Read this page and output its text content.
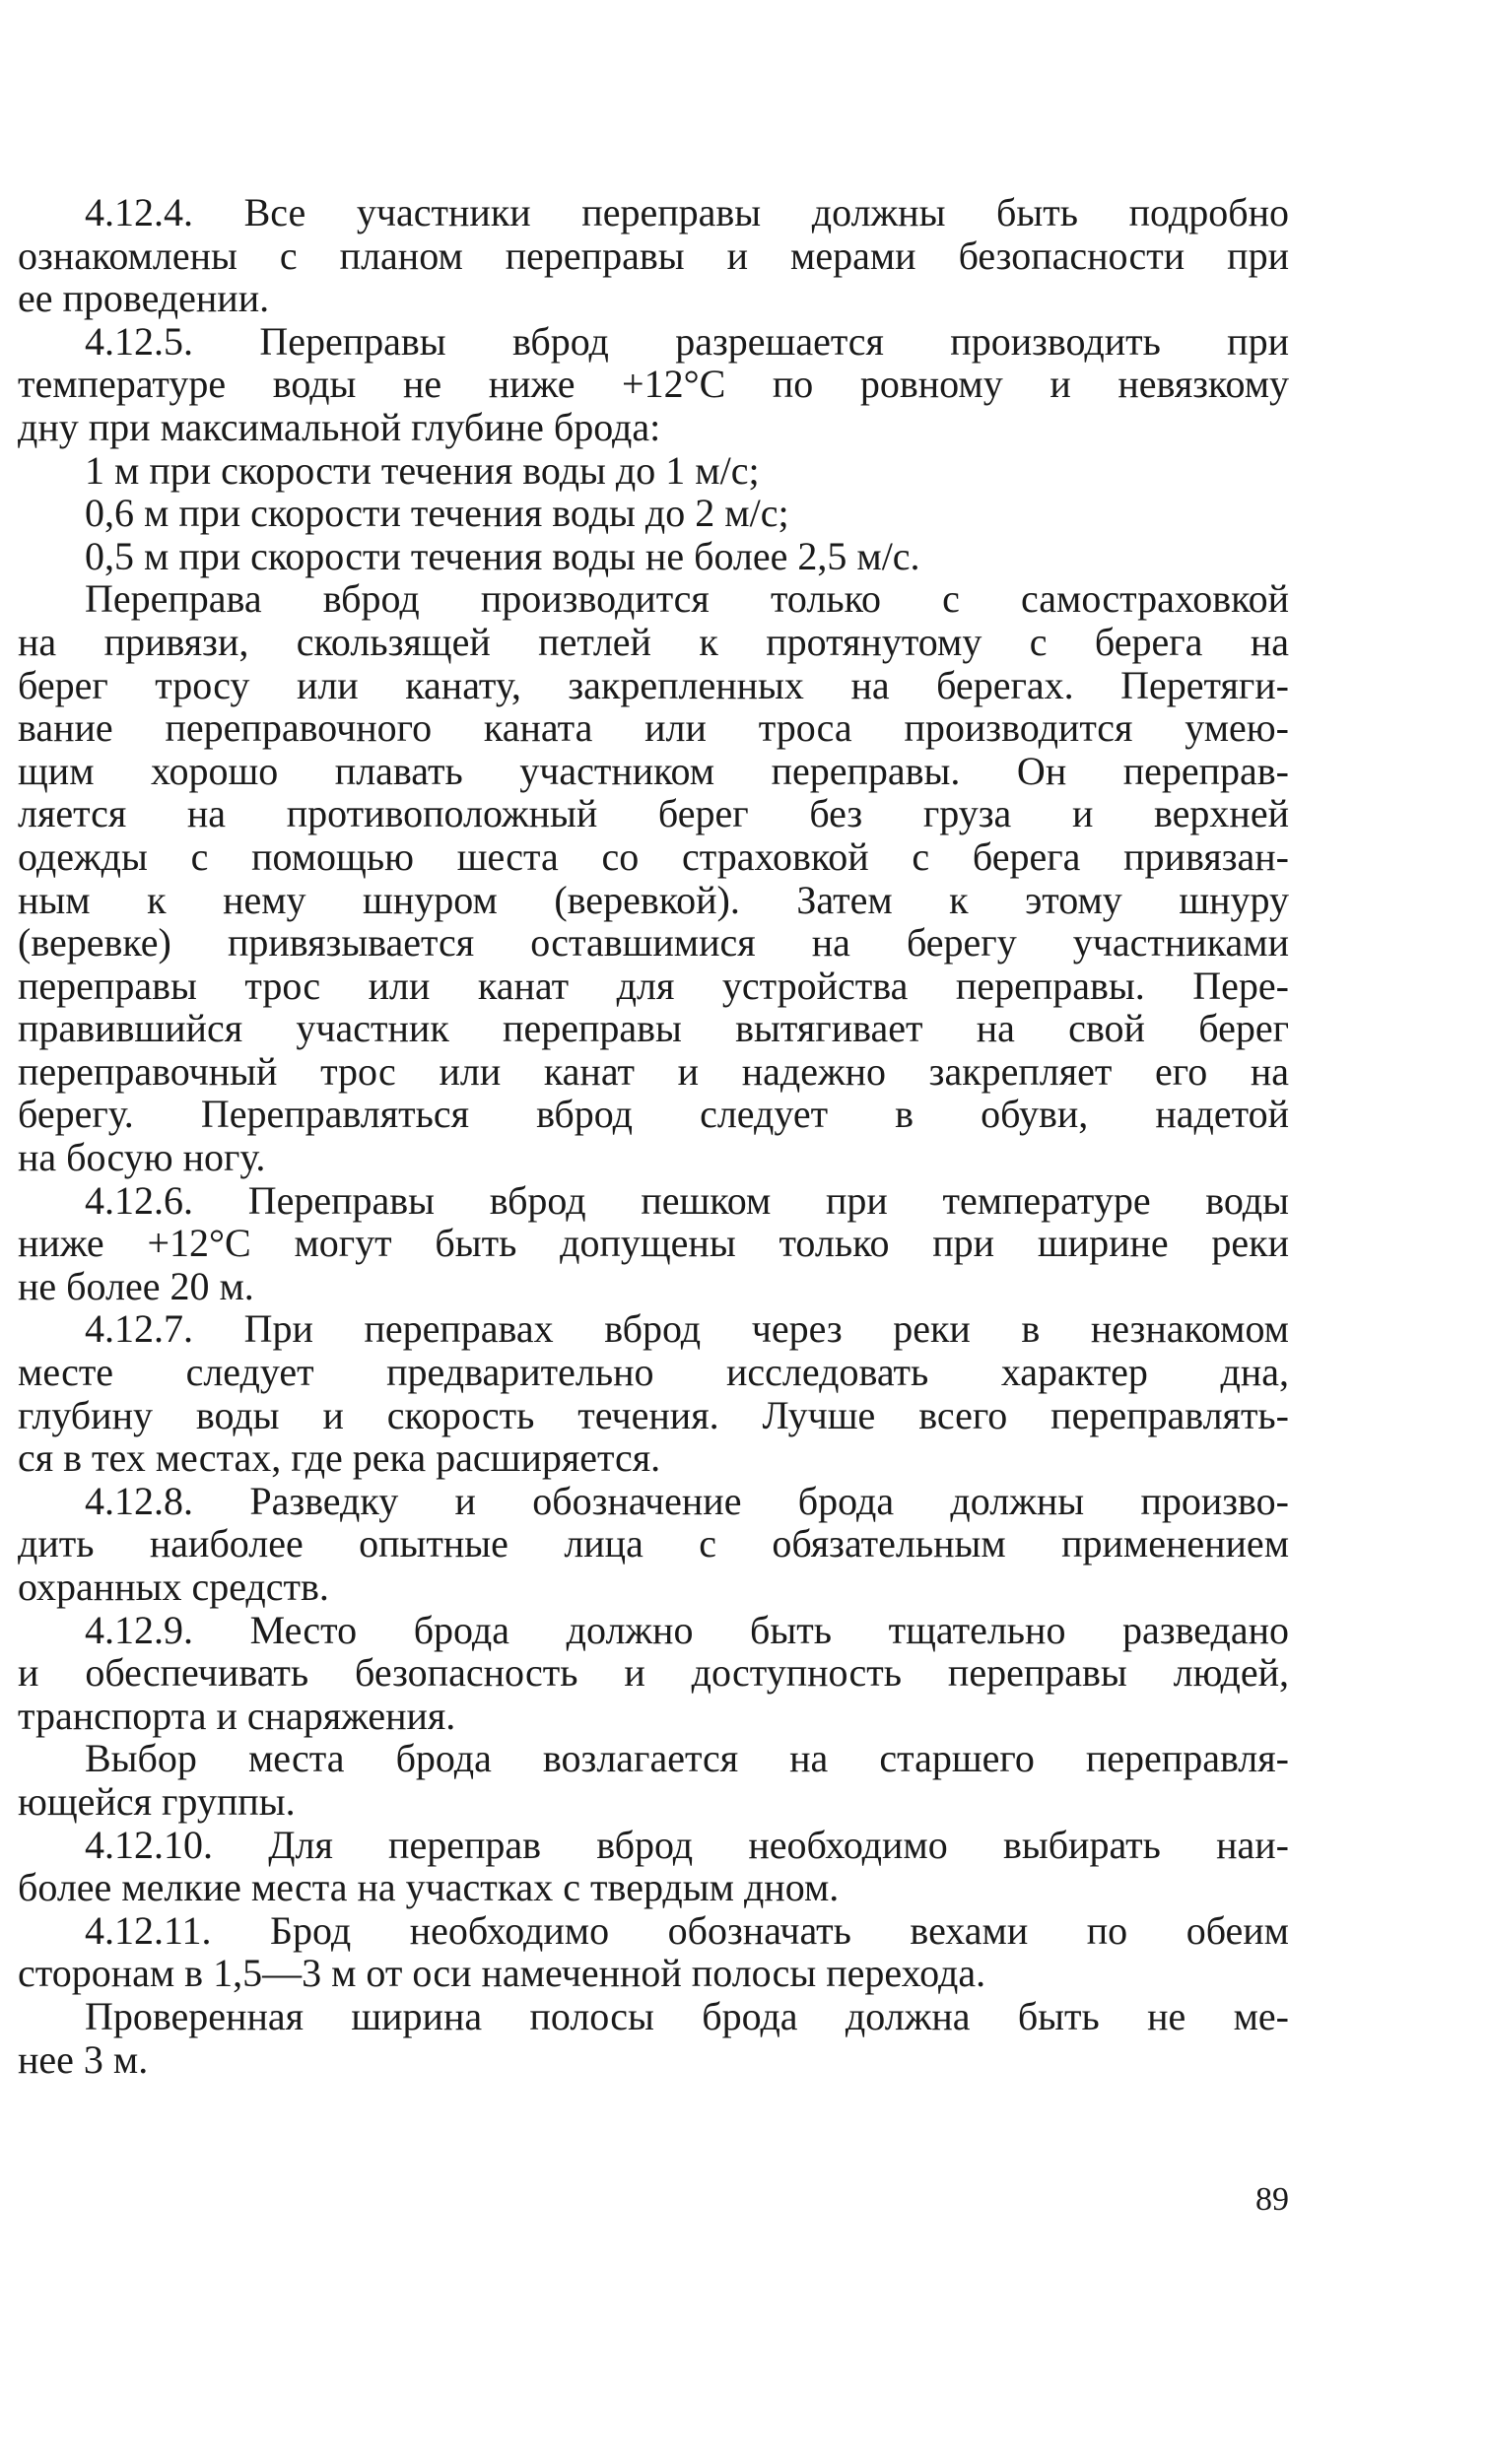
4.12.4. Все участники переправы должны быть подробно
ознакомлены с планом переправы и мерами безопасности при
ее проведении.
4.12.5. Переправы вброд разрешается производить при
температуре воды не ниже +12°С по ровному и невязкому
дну при максимальной глубине брода:
1 м при скорости течения воды до 1 м/с;
0,6 м при скорости течения воды до 2 м/с;
0,5 м при скорости течения воды не более 2,5 м/с.
Переправа вброд производится только с самостраховкой
на привязи, скользящей петлей к протянутому с берега на
берег тросу или канату, закрепленных на берегах. Перетяги-
вание переправочного каната или троса производится умею-
щим хорошо плавать участником переправы. Он переправ-
ляется на противоположный берег без груза и верхней
одежды с помощью шеста со страховкой с берега привязан-
ным к нему шнуром (веревкой). Затем к этому шнуру
(веревке) привязывается оставшимися на берегу участниками
переправы трос или канат для устройства переправы. Пере-
правившийся участник переправы вытягивает на свой берег
переправочный трос или канат и надежно закрепляет его на
берегу. Переправляться вброд следует в обуви, надетой
на босую ногу.
4.12.6. Переправы вброд пешком при температуре воды
ниже +12°С могут быть допущены только при ширине реки
не более 20 м.
4.12.7. При переправах вброд через реки в незнакомом
месте следует предварительно исследовать характер дна,
глубину воды и скорость течения. Лучше всего переправлять-
ся в тех местах, где река расширяется.
4.12.8. Разведку и обозначение брода должны произво-
дить наиболее опытные лица с обязательным применением
охранных средств.
4.12.9. Место брода должно быть тщательно разведано
и обеспечивать безопасность и доступность переправы людей,
транспорта и снаряжения.
Выбор места брода возлагается на старшего переправля-
ющейся группы.
4.12.10. Для переправ вброд необходимо выбирать наи-
более мелкие места на участках с твердым дном.
4.12.11. Брод необходимо обозначать вехами по обеим
сторонам в 1,5—3 м от оси намеченной полосы перехода.
Проверенная ширина полосы брода должна быть не ме-
нее 3 м.
89
